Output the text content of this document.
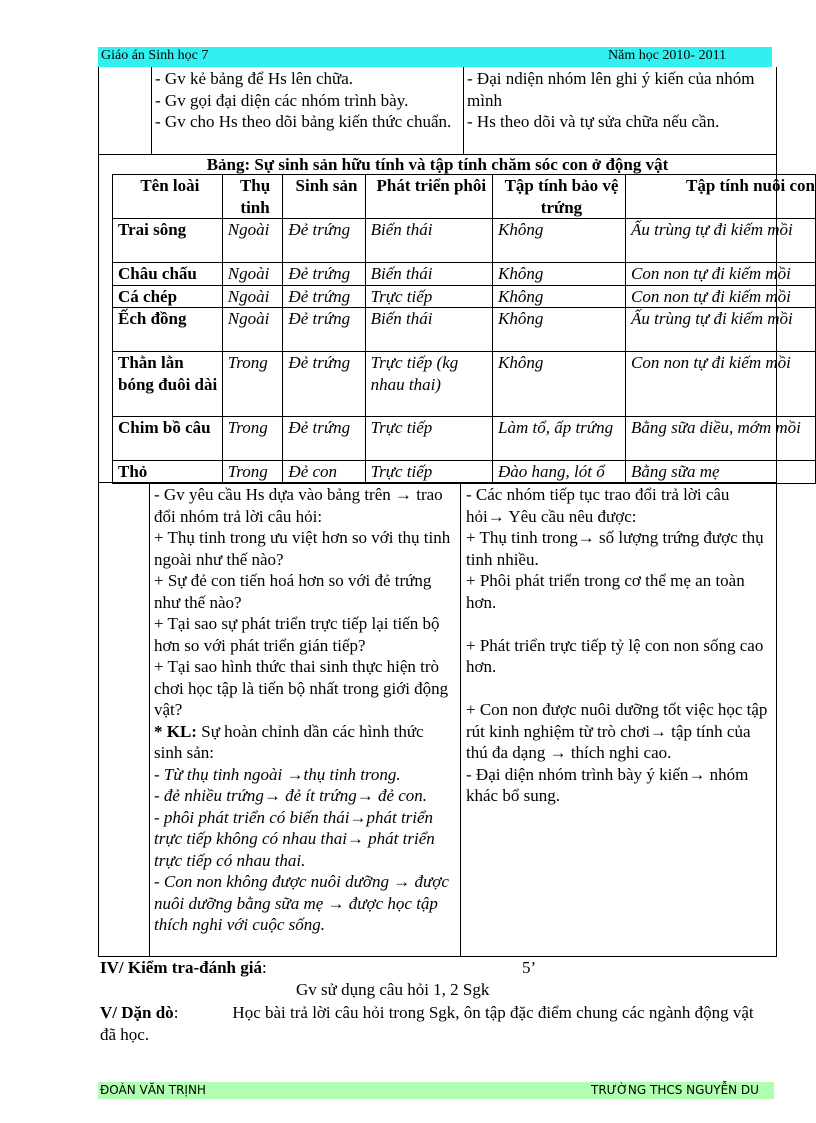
Giáo án Sinh học 7	Năm học 2010- 2011

- Gv kẻ bảng để Hs lên chữa.

- Gv gọi đại diện các nhóm trình bày.

- Gv cho Hs theo dõi bảng kiến thức chuẩn.

- Đại ndiện nhóm lên ghi ý kiến của nhóm mình

- Hs theo dõi và tự sửa chữa nếu cần.

Bảng: Sự sinh sản hữu tính và tập tính chăm sóc con ở động vật
Tên loài	Thụ tinh	Sinh sản	Phát triển phôi	Tập tính bảo vệ trứng	Tập tính nuôi con
Trai sông	Ngoài	Đẻ trứng	Biến thái	Không	Ấu trùng tự đi kiếm mồi
Châu chấu	Ngoài	Đẻ trứng	Biến thái	Không	Con non tự đi kiếm mồi
Cá chép	Ngoài	Đẻ trứng	Trực tiếp	Không	Con non tự đi kiếm mồi
Ếch đồng	Ngoài	Đẻ trứng	Biến thái	Không	Ấu trùng tự đi kiếm mồi
Thằn lằn bóng đuôi dài	Trong	Đẻ trứng	Trực tiếp (kg nhau thai)	Không	Con non tự đi kiếm mồi
Chim bồ câu	Trong	Đẻ trứng	Trực tiếp	Làm tổ, ấp trứng	Bằng sữa diều, mớm mồi
Thỏ	Trong	Đẻ con	Trực tiếp	Đào hang, lót ổ	Bằng sữa mẹ

- Gv yêu cầu Hs dựa vào bảng trên → trao đổi nhóm trả lời câu hỏi:

+ Thụ tinh trong ưu việt hơn so với thụ tinh ngoài như thế nào?

+ Sự đẻ con tiến hoá hơn so với đẻ trứng như thế nào?

+ Tại sao sự phát triển trực tiếp lại tiến bộ hơn so với phát triển gián tiếp?

+ Tại sao hình thức thai sinh thực hiện trò chơi học tập là tiến bộ nhất trong giới động vật?

* KL: Sự hoàn chỉnh dần các hình thức sinh sản:

- Từ thụ tinh ngoài →thụ tinh trong.

- đẻ nhiều trứng→ đẻ ít trứng→ đẻ con.

- phôi phát triển có biến thái→phát triển trực tiếp không có nhau thai→ phát triển trực tiếp có nhau thai.

- Con non không được nuôi dưỡng → được nuôi dưỡng bằng sữa mẹ → được học tập thích nghi với cuộc sống.

- Các nhóm tiếp tục trao đổi trả lời câu hỏi→ Yêu cầu nêu được:

+ Thụ tinh trong→ số lượng trứng được thụ tinh nhiều.

+ Phôi phát triển trong cơ thể mẹ an toàn hơn.

+ Phát triển trực tiếp tỷ lệ con non sống cao hơn.

+ Con non được nuôi dưỡng tốt việc học tập rút kinh nghiệm từ trò chơi→ tập tính của thú đa dạng → thích nghi cao.

- Đại diện nhóm trình bày ý kiến→ nhóm khác bổ sung.

IV/ Kiểm tra-đánh giá:	5’
Gv sử dụng câu hỏi 1, 2 Sgk
V/ Dặn dò:	Học bài trả lời câu hỏi trong Sgk, ôn tập đặc điểm chung các ngành động vật đã học.
ĐOÀN VĂN TRỊNH	TRƯỜNG THCS NGUYỄN DU
